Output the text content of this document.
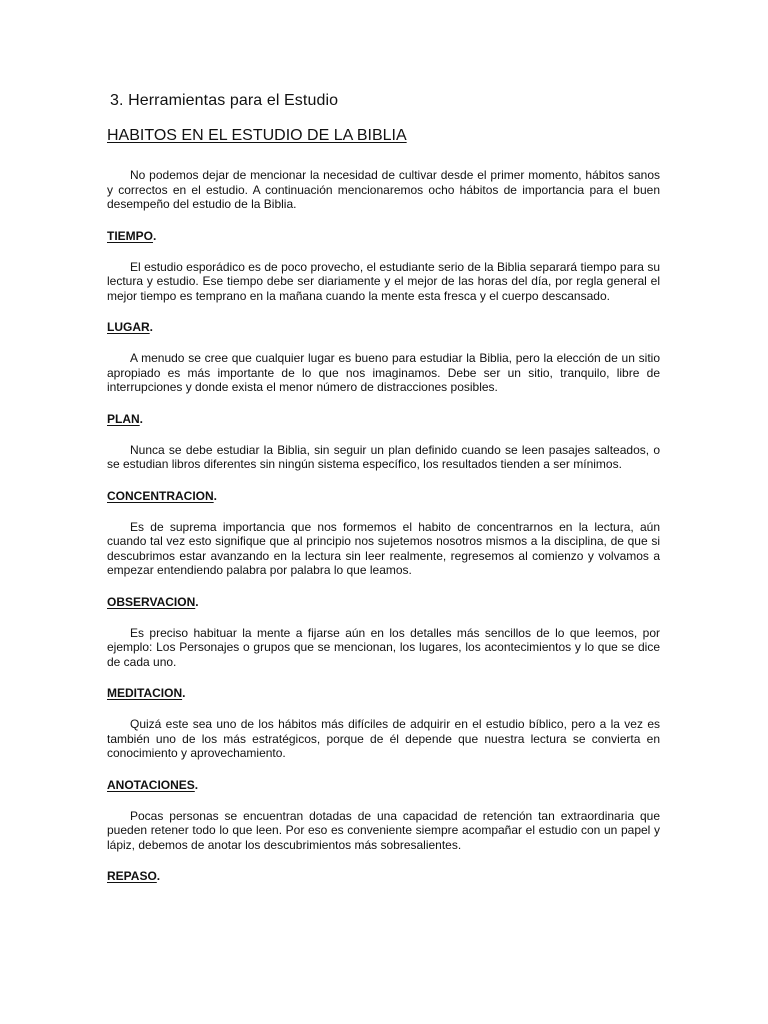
3. Herramientas para el Estudio
HABITOS EN EL ESTUDIO DE LA BIBLIA

No podemos dejar de mencionar la necesidad de cultivar desde el primer momento, hábitos sanos y correctos en el estudio. A continuación mencionaremos ocho hábitos de importancia para el buen desempeño del estudio de la Biblia.

TIEMPO.

El estudio esporádico es de poco provecho, el estudiante serio de la Biblia separará tiempo para su lectura y estudio. Ese tiempo debe ser diariamente y el mejor de las horas del día, por regla general el mejor tiempo es temprano en la mañana cuando la mente esta fresca y el cuerpo descansado.

LUGAR.

A menudo se cree que cualquier lugar es bueno para estudiar la Biblia, pero la elección de un sitio apropiado es más importante de lo que nos imaginamos. Debe ser un sitio, tranquilo, libre de interrupciones y donde exista el menor número de distracciones posibles.

PLAN.

Nunca se debe estudiar la Biblia, sin seguir un plan definido cuando se leen pasajes salteados, o se estudian libros diferentes sin ningún sistema específico, los resultados tienden a ser mínimos.

CONCENTRACION.

Es de suprema importancia que nos formemos el habito de concentrarnos en la lectura, aún cuando tal vez esto signifique que al principio nos sujetemos nosotros mismos a la disciplina, de que si descubrimos estar avanzando en la lectura sin leer realmente, regresemos al comienzo y volvamos a empezar entendiendo palabra por palabra lo que leamos.

OBSERVACION.

Es preciso habituar la mente a fijarse aún en los detalles más sencillos de lo que leemos, por ejemplo: Los Personajes o grupos que se mencionan, los lugares, los acontecimientos y lo que se dice de cada uno.

MEDITACION.

Quizá este sea uno de los hábitos más difíciles de adquirir en el estudio bíblico, pero a la vez es también uno de los más estratégicos, porque de él depende que nuestra lectura se convierta en conocimiento y aprovechamiento.

ANOTACIONES.

Pocas personas se encuentran dotadas de una capacidad de retención tan extraordinaria que pueden retener todo lo que leen. Por eso es conveniente siempre acompañar el estudio con un papel y lápiz, debemos de anotar los descubrimientos más sobresalientes.

REPASO.
